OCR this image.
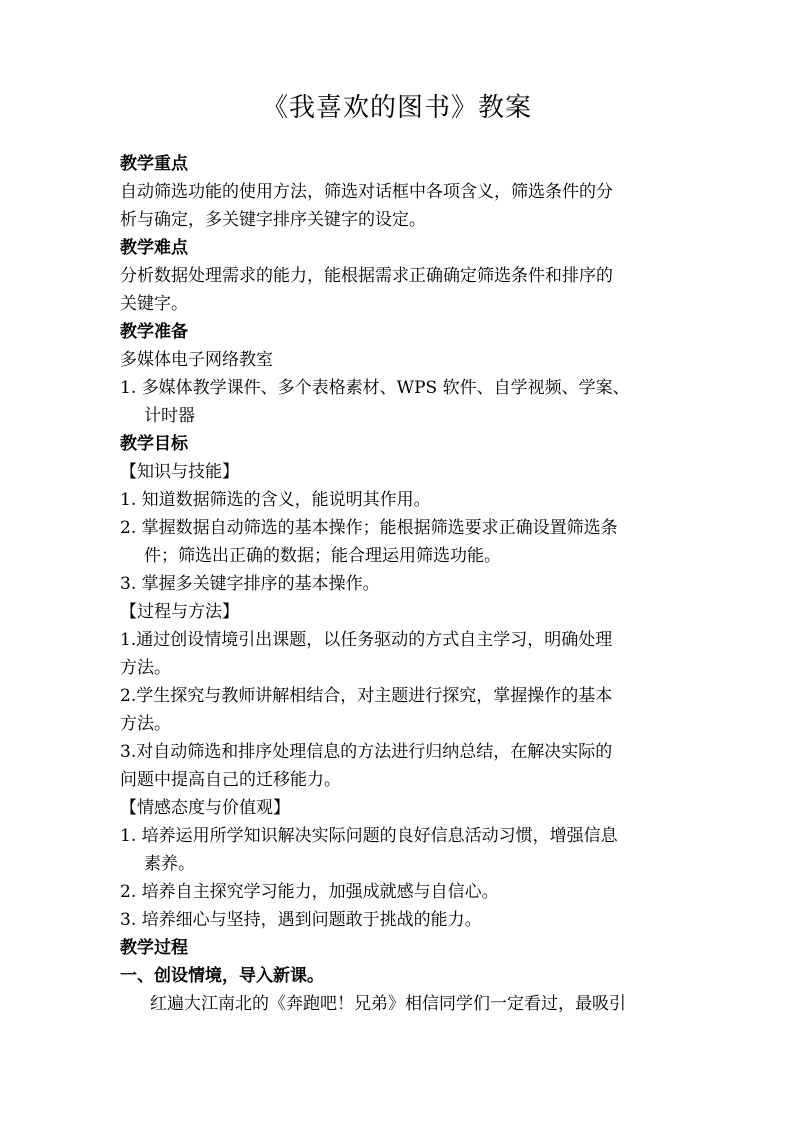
《我喜欢的图书》教案
教学重点
自动筛选功能的使用方法，筛选对话框中各项含义，筛选条件的分
析与确定，多关键字排序关键字的设定。
教学难点
分析数据处理需求的能力，能根据需求正确确定筛选条件和排序的
关键字。
教学准备
多媒体电子网络教室
1. 多媒体教学课件、多个表格素材、WPS 软件、自学视频、学案、
计时器
教学目标
【知识与技能】
1. 知道数据筛选的含义，能说明其作用。
2. 掌握数据自动筛选的基本操作；能根据筛选要求正确设置筛选条
件；筛选出正确的数据；能合理运用筛选功能。
3. 掌握多关键字排序的基本操作。
【过程与方法】
1.通过创设情境引出课题，以任务驱动的方式自主学习，明确处理
方法。
2.学生探究与教师讲解相结合，对主题进行探究，掌握操作的基本
方法。
3.对自动筛选和排序处理信息的方法进行归纳总结，在解决实际的
问题中提高自己的迁移能力。
【情感态度与价值观】
1. 培养运用所学知识解决实际问题的良好信息活动习惯，增强信息
素养。
2. 培养自主探究学习能力，加强成就感与自信心。
3. 培养细心与坚持，遇到问题敢于挑战的能力。
教学过程
一、创设情境，导入新课。
红遍大江南北的《奔跑吧！兄弟》相信同学们一定看过，最吸引
